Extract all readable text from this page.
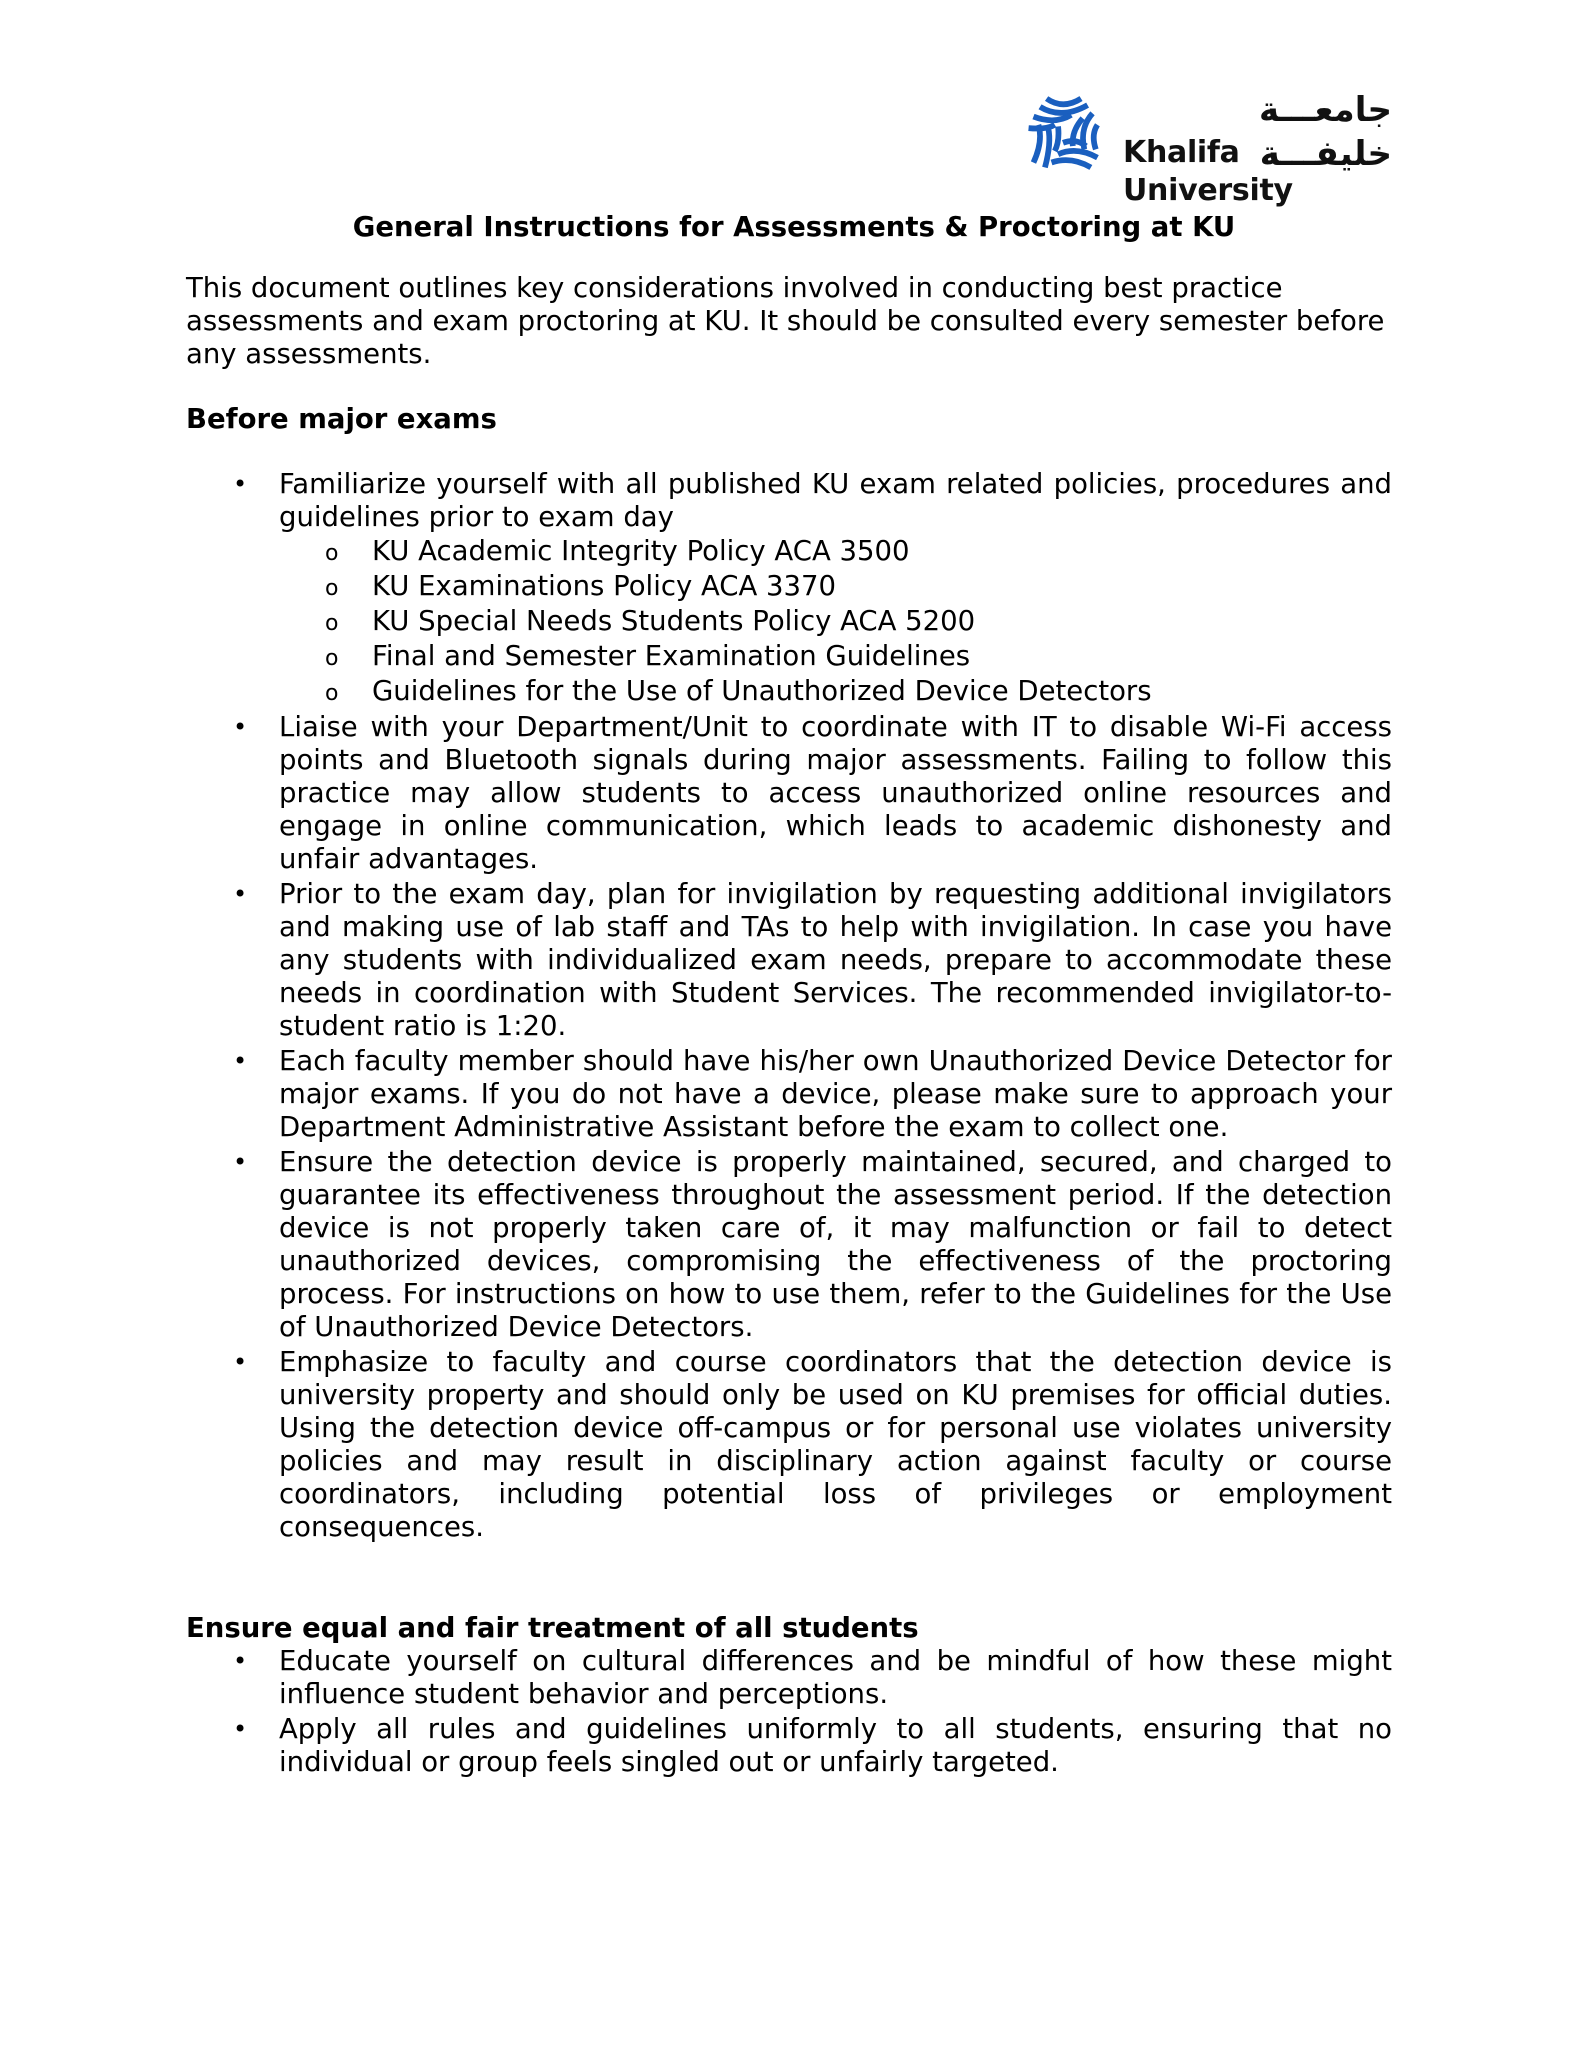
جامعـــة خليفـــة
Khalifa University
General Instructions for Assessments & Proctoring at KU
This document outlines key considerations involved in conducting best practice assessments and exam proctoring at KU. It should be consulted every semester before any assessments.
Before major exams
• Familiarize yourself with all published KU exam related policies, procedures and guidelines prior to exam day
o KU Academic Integrity Policy ACA 3500
o KU Examinations Policy ACA 3370
o KU Special Needs Students Policy ACA 5200
o Final and Semester Examination Guidelines
o Guidelines for the Use of Unauthorized Device Detectors
• Liaise with your Department/Unit to coordinate with IT to disable Wi-Fi access points and Bluetooth signals during major assessments. Failing to follow this practice may allow students to access unauthorized online resources and engage in online communication, which leads to academic dishonesty and unfair advantages.
• Prior to the exam day, plan for invigilation by requesting additional invigilators and making use of lab staff and TAs to help with invigilation. In case you have any students with individualized exam needs, prepare to accommodate these needs in coordination with Student Services. The recommended invigilator-to-student ratio is 1:20.
• Each faculty member should have his/her own Unauthorized Device Detector for major exams. If you do not have a device, please make sure to approach your Department Administrative Assistant before the exam to collect one.
• Ensure the detection device is properly maintained, secured, and charged to guarantee its effectiveness throughout the assessment period. If the detection device is not properly taken care of, it may malfunction or fail to detect unauthorized devices, compromising the effectiveness of the proctoring process. For instructions on how to use them, refer to the Guidelines for the Use of Unauthorized Device Detectors.
• Emphasize to faculty and course coordinators that the detection device is university property and should only be used on KU premises for official duties. Using the detection device off-campus or for personal use violates university policies and may result in disciplinary action against faculty or course coordinators, including potential loss of privileges or employment consequences.
Ensure equal and fair treatment of all students
• Educate yourself on cultural differences and be mindful of how these might influence student behavior and perceptions.
• Apply all rules and guidelines uniformly to all students, ensuring that no individual or group feels singled out or unfairly targeted.
